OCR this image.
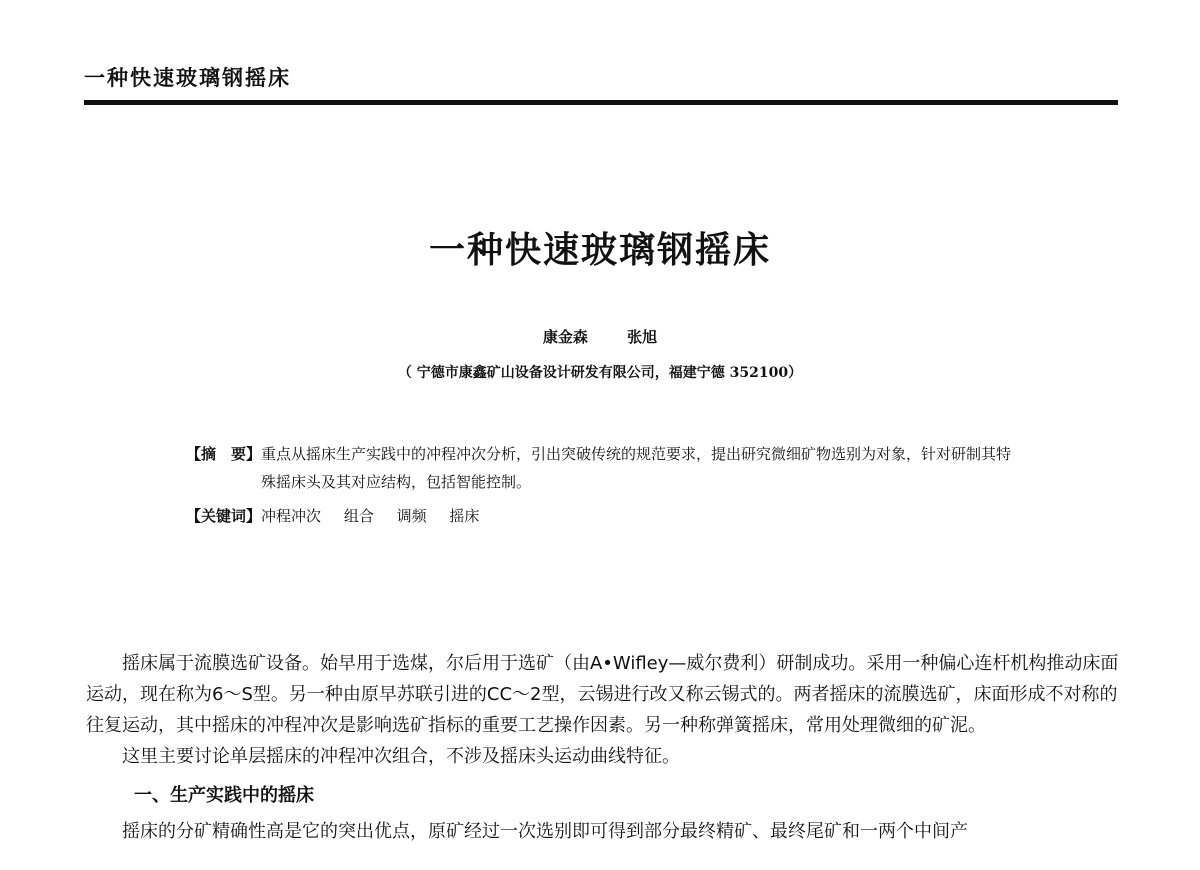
一种快速玻璃钢摇床
一种快速玻璃钢摇床
康金森	张旭
（ 宁德市康鑫矿山设备设计研发有限公司，福建宁德 352100）
【摘　要】 重点从摇床生产实践中的冲程冲次分析，引出突破传统的规范要求，提出研究微细矿物选别为对象，针对研制其特殊摇床头及其对应结构，包括智能控制。
【关键词】 冲程冲次 组合 调频 摇床

摇床属于流膜选矿设备。始早用于选煤，尔后用于选矿（由A•Wifley—威尔费利）研制成功。采用一种偏心连杆机构推动床面运动，现在称为6～S型。另一种由原早苏联引进的CC～2型，云锡进行改又称云锡式的。两者摇床的流膜选矿，床面形成不对称的往复运动，其中摇床的冲程冲次是影响选矿指标的重要工艺操作因素。另一种称弹簧摇床，常用处理微细的矿泥。

这里主要讨论单层摇床的冲程冲次组合，不涉及摇床头运动曲线特征。

一、生产实践中的摇床

摇床的分矿精确性高是它的突出优点，原矿经过一次选别即可得到部分最终精矿、最终尾矿和一两个中间产
